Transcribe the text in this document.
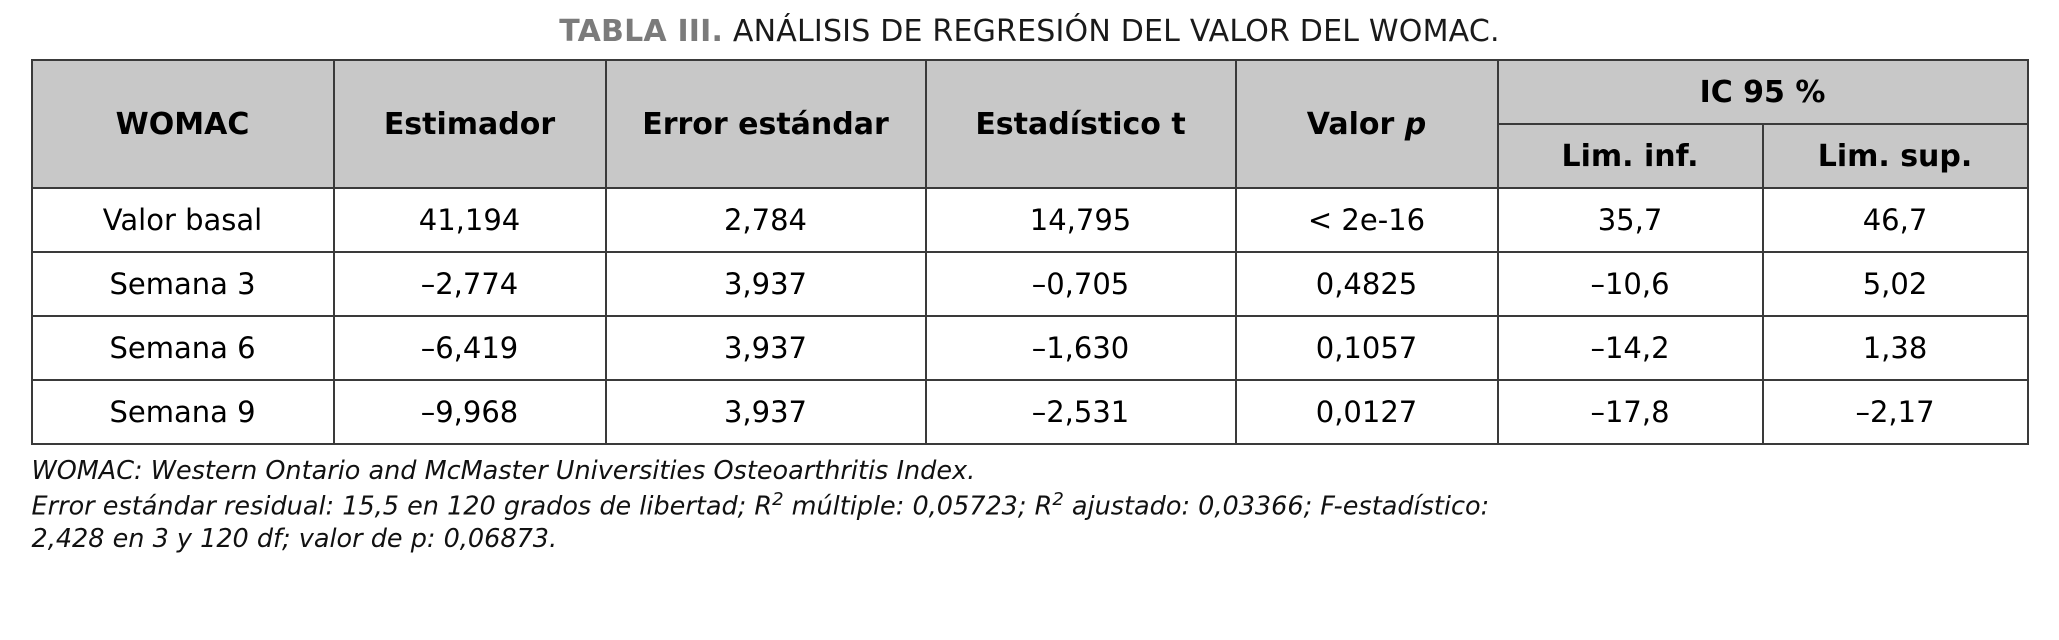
TABLA III. ANÁLISIS DE REGRESIÓN DEL VALOR DEL WOMAC.
WOMAC	Estimador	Error estándar	Estadístico t	Valor p	IC 95 %	
					Lim. inf.	Lim. sup.
Valor basal	41,194	2,784	14,795	< 2e-16	35,7	46,7
Semana 3	–2,774	3,937	–0,705	0,4825	–10,6	5,02
Semana 6	–6,419	3,937	–1,630	0,1057	–14,2	1,38
Semana 9	–9,968	3,937	–2,531	0,0127	–17,8	–2,17
WOMAC: Western Ontario and McMaster Universities Osteoarthritis Index.
Error estándar residual: 15,5 en 120 grados de libertad; $R^2$ múltiple: 0,05723; $R^2$ ajustado: 0,03366; F-estadístico:
2,428 en 3 y 120 df; valor de p: 0,06873.
